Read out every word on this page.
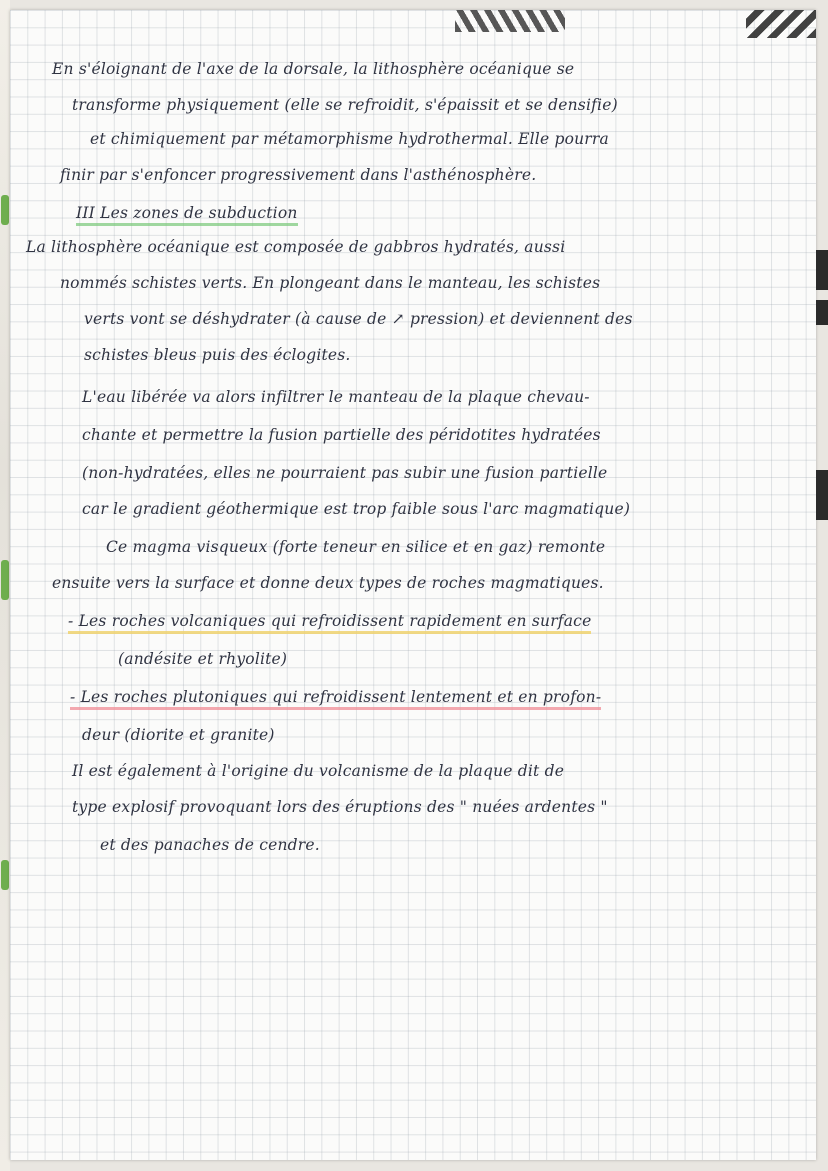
En s'éloignant de l'axe de la dorsale, la lithosphère océanique se
transforme physiquement (elle se refroidit, s'épaissit et se densifie)
et chimiquement par métamorphisme hydrothermal. Elle pourra
finir par s'enfoncer progressivement dans l'asthénosphère.
III Les zones de subduction
La lithosphère océanique est composée de gabbros hydratés, aussi
nommés schistes verts. En plongeant dans le manteau, les schistes
verts vont se déshydrater (à cause de ↗ pression) et deviennent des
schistes bleus puis des éclogites.
L'eau libérée va alors infiltrer le manteau de la plaque chevau-
chante et permettre la fusion partielle des péridotites hydratées
(non-hydratées, elles ne pourraient pas subir une fusion partielle
car le gradient géothermique est trop faible sous l'arc magmatique)
Ce magma visqueux (forte teneur en silice et en gaz) remonte
ensuite vers la surface et donne deux types de roches magmatiques.
- Les roches volcaniques qui refroidissent rapidement en surface
(andésite et rhyolite)
- Les roches plutoniques qui refroidissent lentement et en profon-
deur (diorite et granite)
Il est également à l'origine du volcanisme de la plaque dit de
type explosif provoquant lors des éruptions des " nuées ardentes "
et des panaches de cendre.
